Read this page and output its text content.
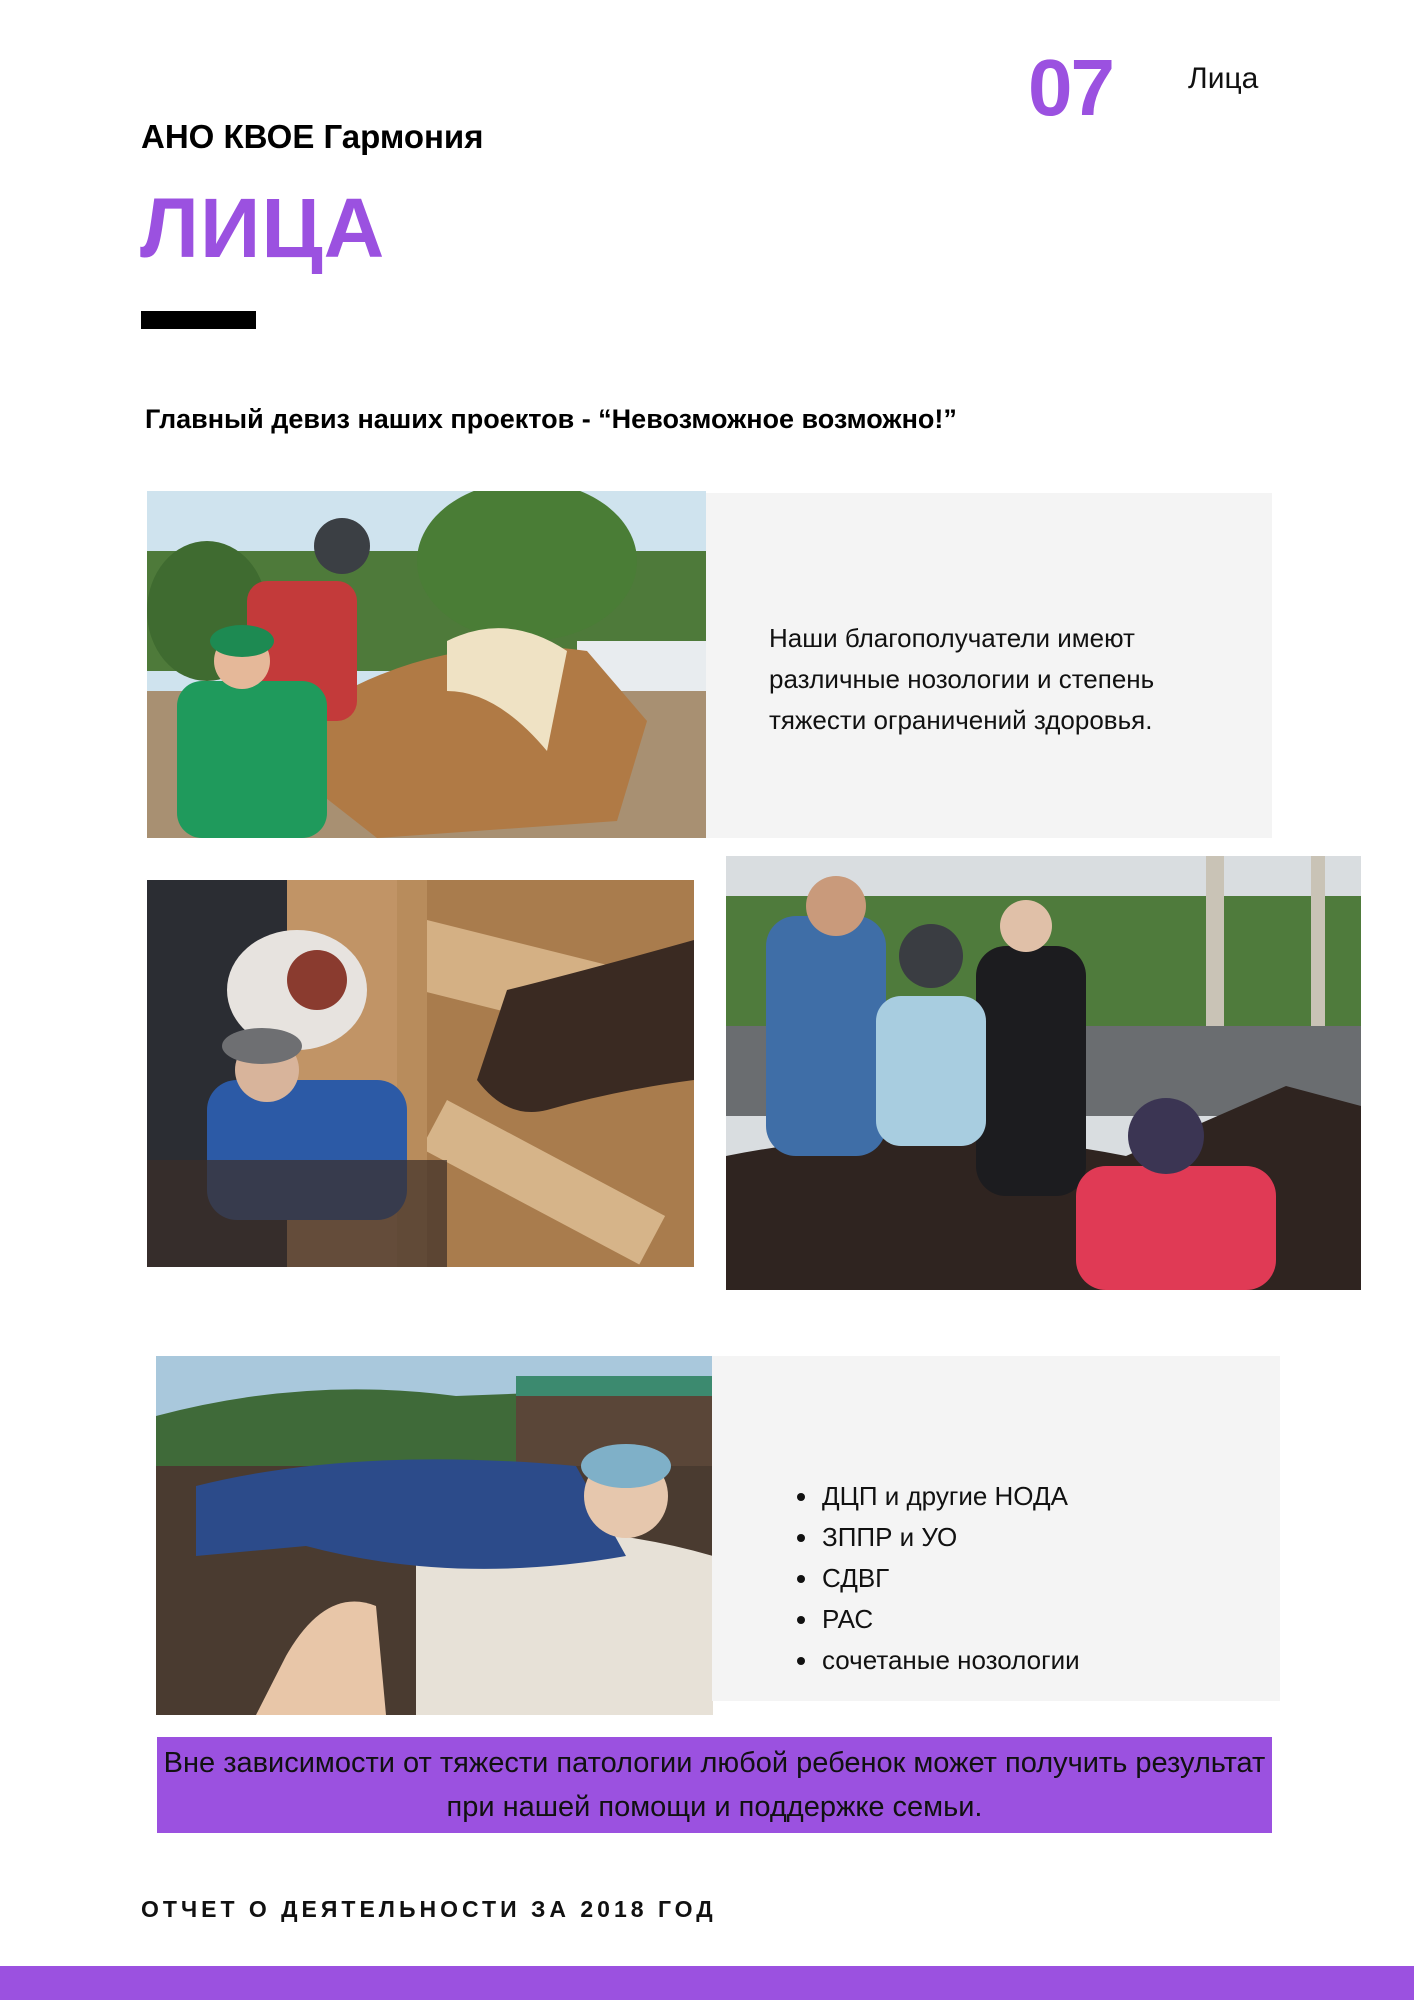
07	Лица
АНО КВОЕ Гармония
ЛИЦА
Главный девиз наших проектов - “Невозможное возможно!”
Наши благополучатели имеют различные нозологии и степень тяжести ограничений здоровья.
• ДЦП и другие НОДА
• ЗППР и УО
• СДВГ
• РАС
• сочетаные нозологии
Вне зависимости от тяжести патологии любой ребенок может получить результат при нашей помощи и поддержке семьи.
ОТЧЕТ О ДЕЯТЕЛЬНОСТИ ЗА 2018 ГОД
